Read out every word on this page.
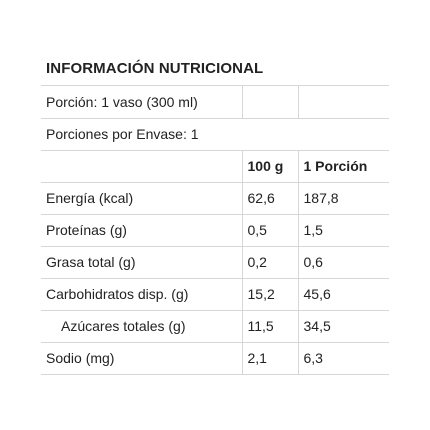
INFORMACIÓN NUTRICIONAL
Porción: 1 vaso (300 ml)		
Porciones por Envase: 1		
	100 g	1 Porción
Energía (kcal)	62,6	187,8
Proteínas (g)	0,5	1,5
Grasa total (g)	0,2	0,6
Carbohidratos disp. (g)	15,2	45,6
Azúcares totales (g)	11,5	34,5
Sodio (mg)	2,1	6,3
